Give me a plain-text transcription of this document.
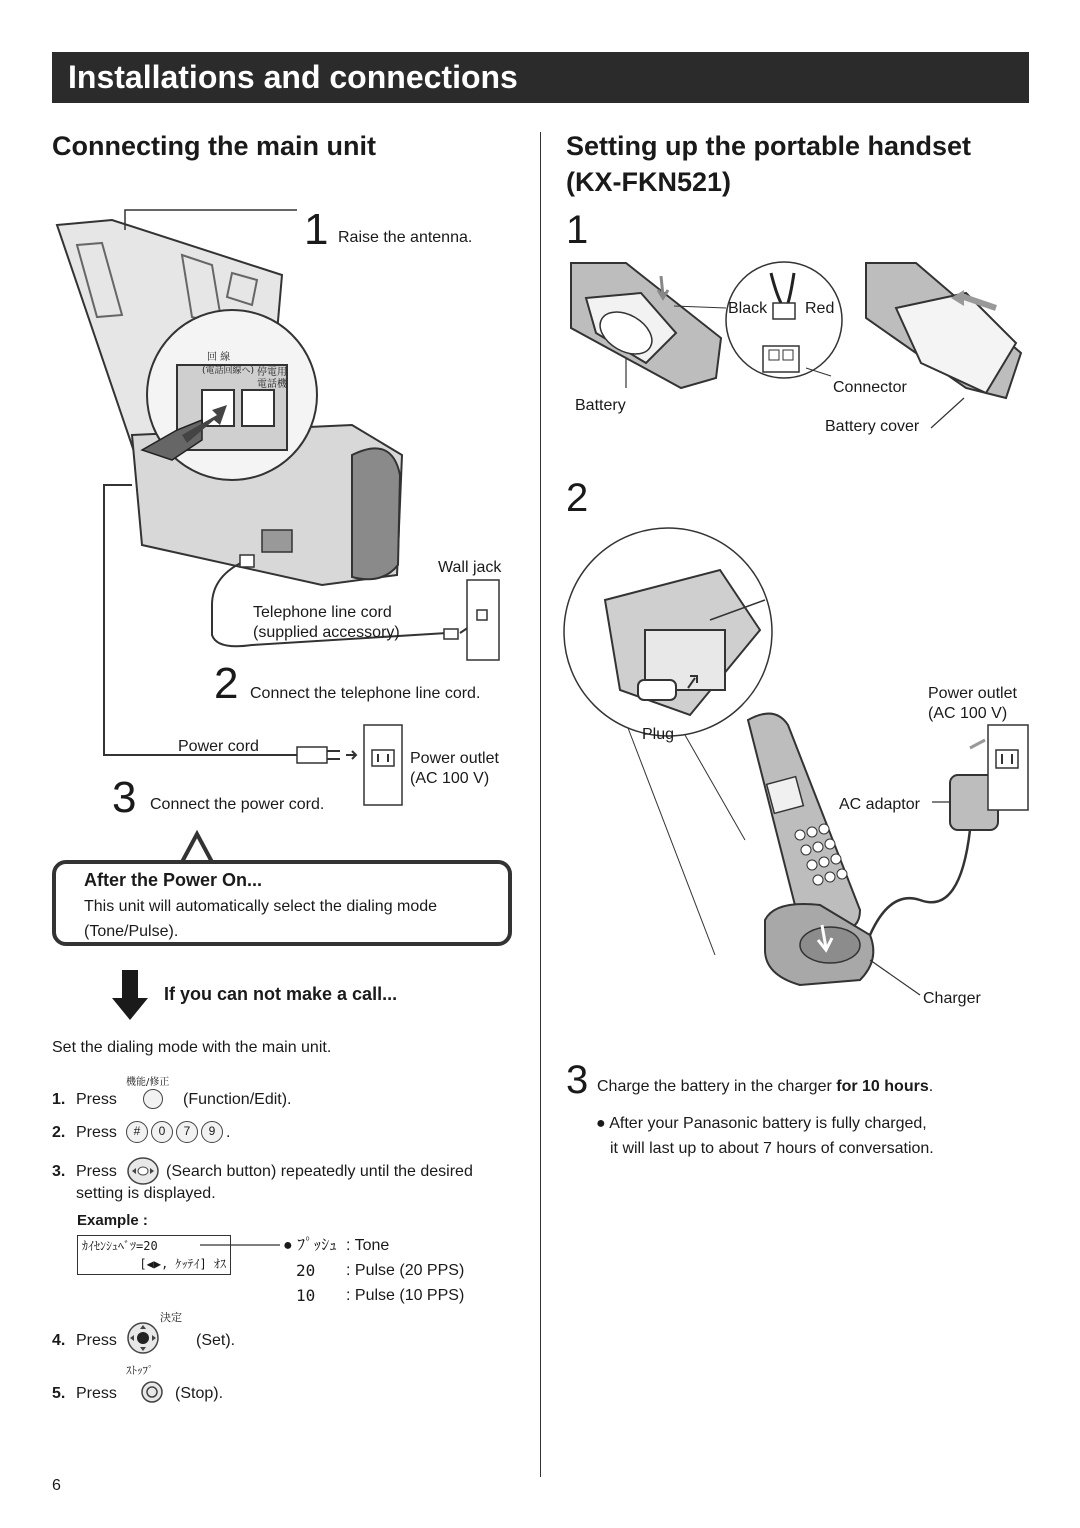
Installations and connections
Connecting the main unit
回 線
(電話回線へ) 停電用
電話機
1 Raise the antenna.
Wall jack
Telephone line cord
(supplied accessory)
2 Connect the telephone line cord.
Power cord
Power outlet
(AC 100 V)
3 Connect the power cord.
After the Power On...
This unit will automatically select the dialing mode
(Tone/Pulse).
If you can not make a call...
Set the dialing mode with the main unit.
機能/修正
1. Press	(Function/Edit).
2. Press	#	0	7	9 .
3. Press	(Search button) repeatedly until the desired
setting is displayed.
Example :
ｶｲｾﾝｼｭﾍﾞﾂ=20
[◀▶, ｹｯﾃｲ] ｵｽ
● ﾌﾟｯｼｭ : Tone
20 : Pulse (20 PPS)
10 : Pulse (10 PPS)
決定
4. Press	(Set).
ｽﾄｯﾌﾟ
5. Press	(Stop).
Setting up the portable handset
(KX-FKN521)
1
Black Red
Connector
Battery
Battery cover
2
Plug
Power outlet
(AC 100 V)
AC adaptor
Charger
3 Charge the battery in the charger for 10 hours.
● After your Panasonic battery is fully charged,
it will last up to about 7 hours of conversation.
6
